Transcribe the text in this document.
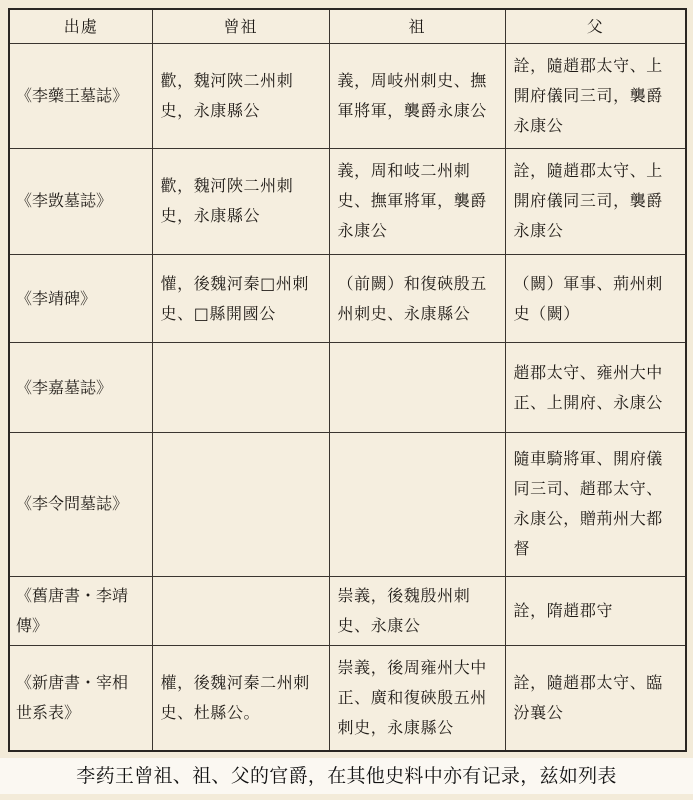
出處	曾祖	祖	父
《李藥王墓誌》	歡，魏河陜二州刺史，永康縣公	義，周岐州刺史、撫軍將軍，襲爵永康公	詮，隨趙郡太守、上開府儀同三司，襲爵永康公
《李敳墓誌》	歡，魏河陜二州刺史，永康縣公	義，周和岐二州刺史、撫軍將軍，襲爵永康公	詮，隨趙郡太守、上開府儀同三司，襲爵永康公
《李靖碑》	懽，後魏河秦□州刺史、□縣開國公	（前闕）和復硤殷五州刺史、永康縣公	（闕）軍事、荊州刺史（闕）
《李嘉墓誌》			趙郡太守、雍州大中正、上開府、永康公
《李令問墓誌》			隨車騎將軍、開府儀同三司、趙郡太守、永康公，贈荊州大都督
《舊唐書・李靖傳》		崇義，後魏殷州刺史、永康公	詮，隋趙郡守
《新唐書・宰相世系表》	權，後魏河秦二州刺史、杜縣公。	崇義，後周雍州大中正、廣和復硤殷五州刺史，永康縣公	詮，隨趙郡太守、臨汾襄公
李药王曾祖、祖、父的官爵，在其他史料中亦有记录，兹如列表
